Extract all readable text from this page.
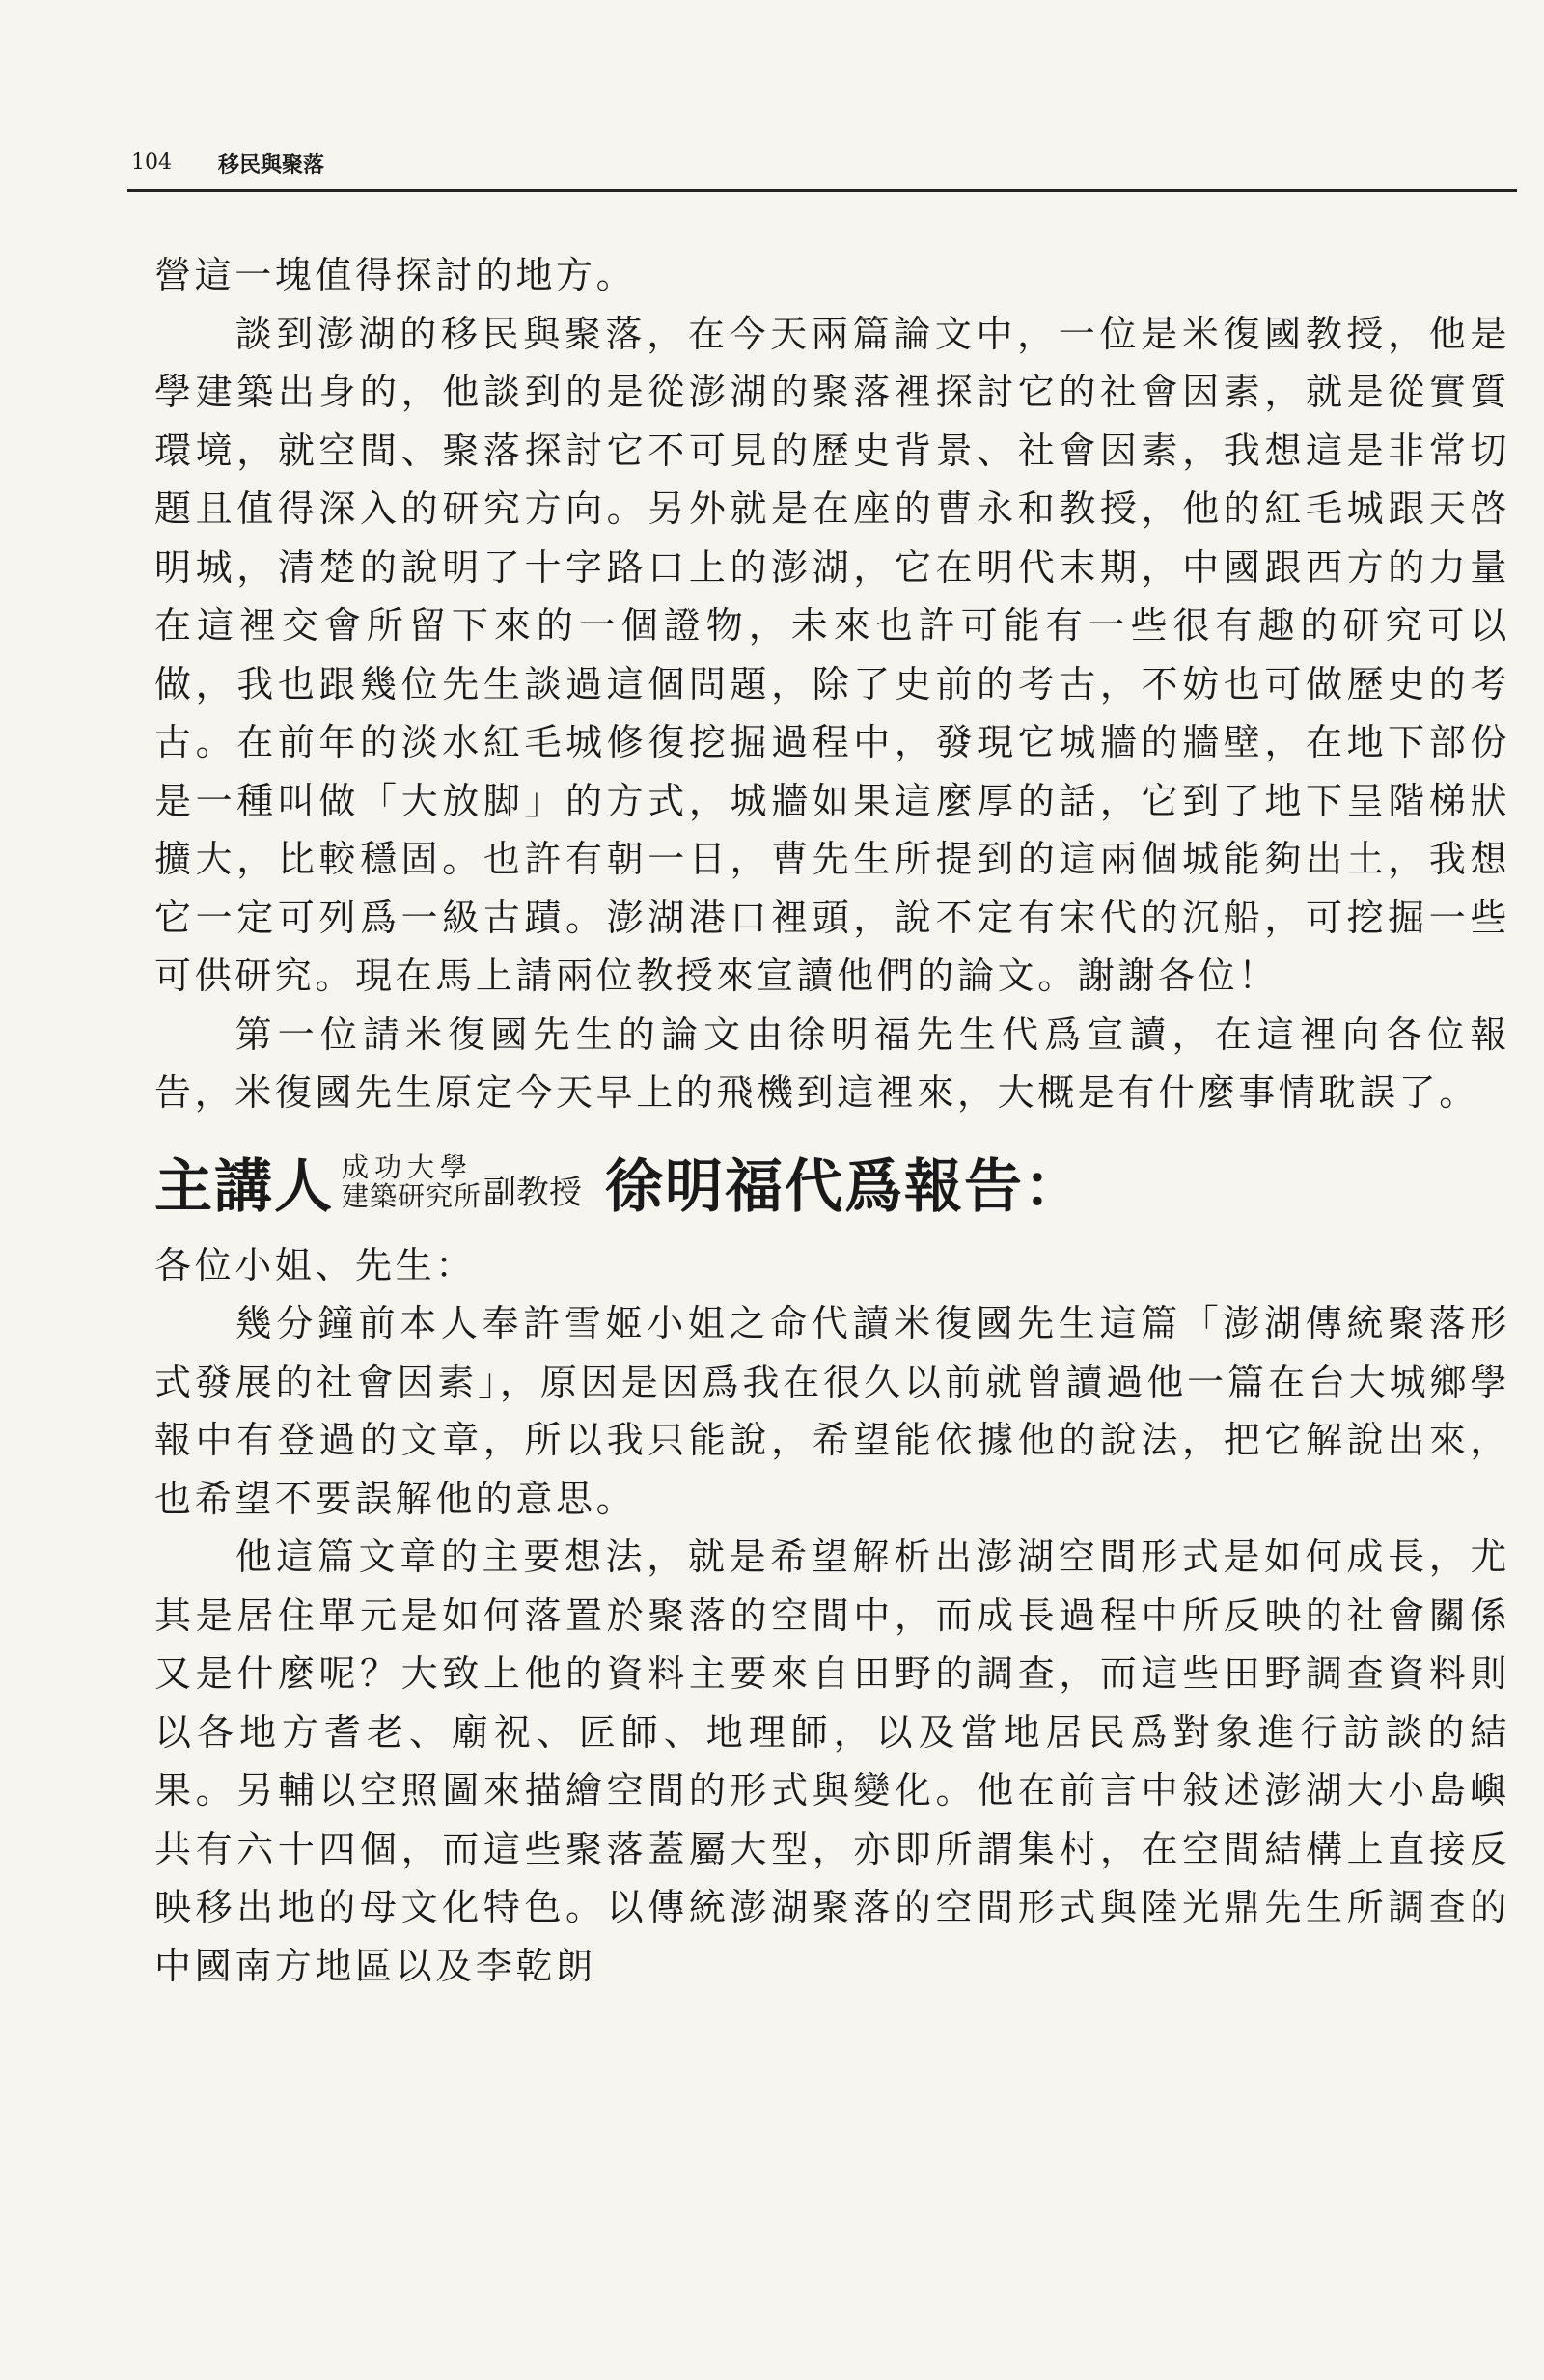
104 移民與聚落

營這一塊值得探討的地方。

談到澎湖的移民與聚落，在今天兩篇論文中，一位是米復國教授，他是學建築出身的，他談到的是從澎湖的聚落裡探討它的社會因素，就是從實質環境，就空間、聚落探討它不可見的歷史背景、社會因素，我想這是非常切題且值得深入的研究方向。另外就是在座的曹永和教授，他的紅毛城跟天啓明城，清楚的說明了十字路口上的澎湖，它在明代末期，中國跟西方的力量在這裡交會所留下來的一個證物，未來也許可能有一些很有趣的研究可以做，我也跟幾位先生談過這個問題，除了史前的考古，不妨也可做歷史的考古。在前年的淡水紅毛城修復挖掘過程中，發現它城牆的牆壁，在地下部份是一種叫做「大放脚」的方式，城牆如果這麼厚的話，它到了地下呈階梯狀擴大，比較穩固。也許有朝一日，曹先生所提到的這兩個城能夠出土，我想它一定可列爲一級古蹟。澎湖港口裡頭，說不定有宋代的沉船，可挖掘一些可供研究。現在馬上請兩位教授來宣讀他們的論文。謝謝各位！

第一位請米復國先生的論文由徐明福先生代爲宣讀，在這裡向各位報告，米復國先生原定今天早上的飛機到這裡來，大概是有什麼事情耽誤了。

主講人 成功大學
建築研究所 副教授 徐明福代爲報告：

各位小姐、先生：

幾分鐘前本人奉許雪姬小姐之命代讀米復國先生這篇「澎湖傳統聚落形式發展的社會因素」，原因是因爲我在很久以前就曾讀過他一篇在台大城鄉學報中有登過的文章，所以我只能說，希望能依據他的說法，把它解說出來，也希望不要誤解他的意思。

他這篇文章的主要想法，就是希望解析出澎湖空間形式是如何成長，尤其是居住單元是如何落置於聚落的空間中，而成長過程中所反映的社會關係又是什麼呢？大致上他的資料主要來自田野的調查，而這些田野調查資料則以各地方耆老、廟祝、匠師、地理師，以及當地居民爲對象進行訪談的結果。另輔以空照圖來描繪空間的形式與變化。他在前言中敍述澎湖大小島嶼共有六十四個，而這些聚落蓋屬大型，亦即所謂集村，在空間結構上直接反映移出地的母文化特色。以傳統澎湖聚落的空間形式與陸光鼎先生所調查的中國南方地區以及李乾朗
